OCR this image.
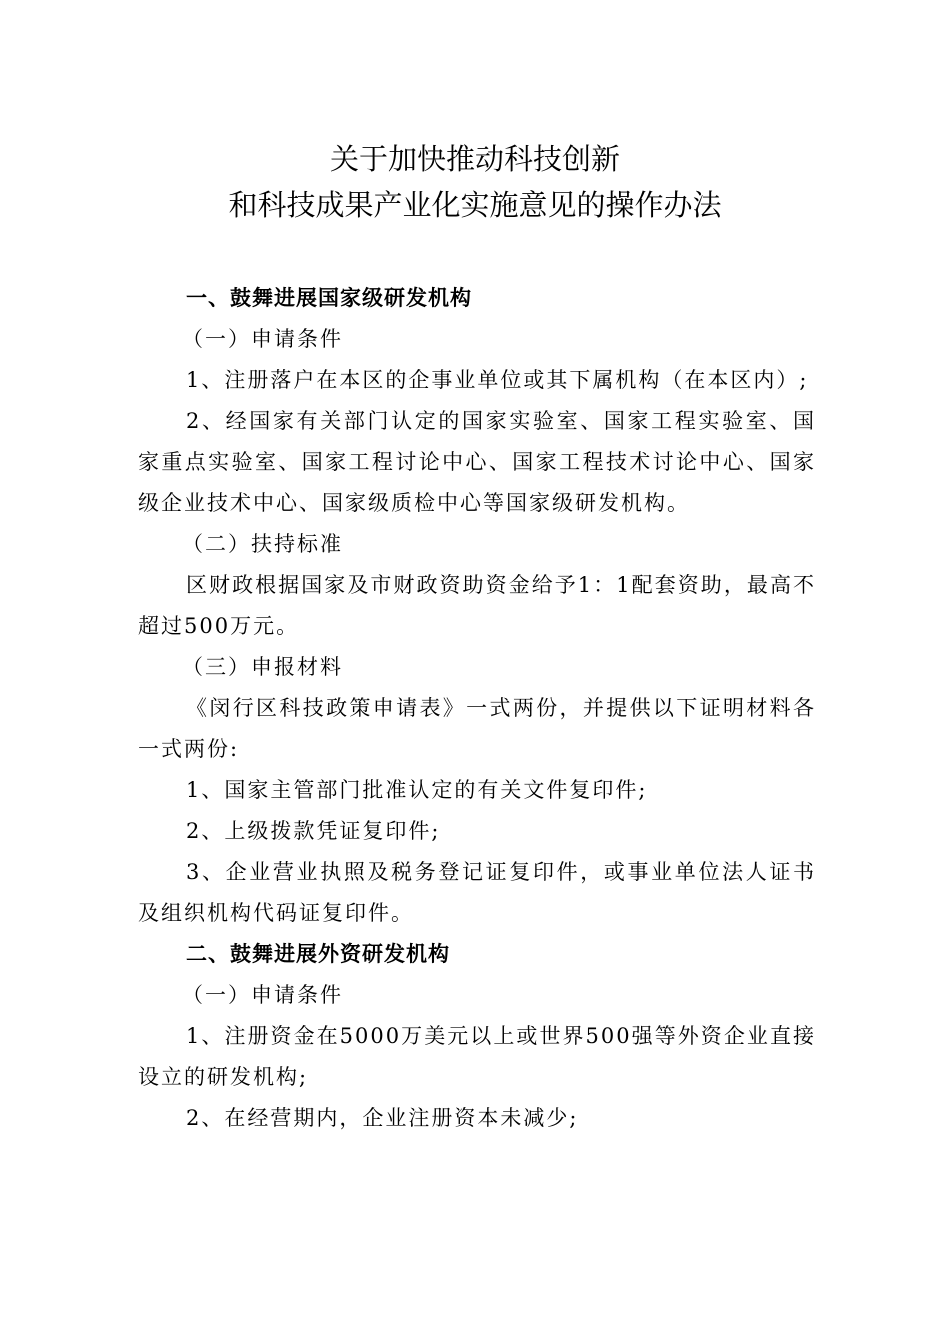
关于加快推动科技创新
和科技成果产业化实施意见的操作办法

一、鼓舞进展国家级研发机构

（一）申请条件

1、注册落户在本区的企事业单位或其下属机构（在本区内）;

2、经国家有关部门认定的国家实验室、国家工程实验室、国家重点实验室、国家工程讨论中心、国家工程技术讨论中心、国家级企业技术中心、国家级质检中心等国家级研发机构。

（二）扶持标准

区财政根据国家及市财政资助资金给予1：1配套资助，最高不超过500万元。

（三）申报材料

《闵行区科技政策申请表》一式两份，并提供以下证明材料各一式两份:

1、国家主管部门批准认定的有关文件复印件;

2、上级拨款凭证复印件;

3、企业营业执照及税务登记证复印件，或事业单位法人证书及组织机构代码证复印件。

二、鼓舞进展外资研发机构

（一）申请条件

1、注册资金在5000万美元以上或世界500强等外资企业直接设立的研发机构;

2、在经营期内，企业注册资本未减少;
